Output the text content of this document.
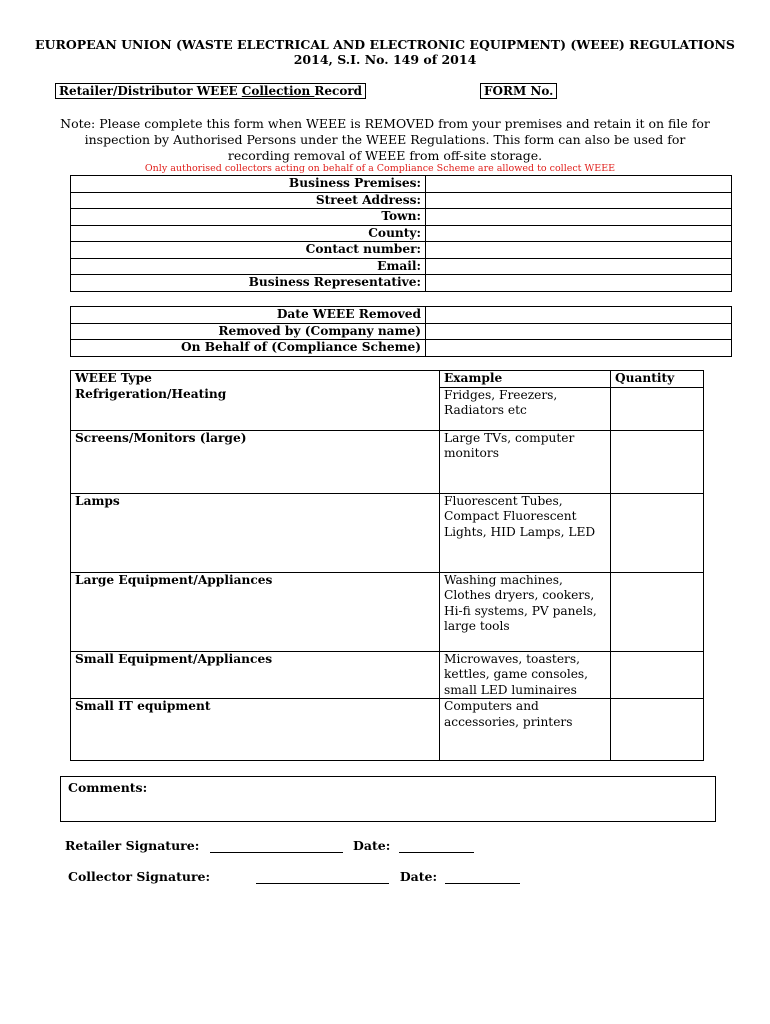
EUROPEAN UNION (WASTE ELECTRICAL AND ELECTRONIC EQUIPMENT) (WEEE) REGULATIONS
2014, S.I. No. 149 of 2014
Retailer/Distributor WEEE Collection Record	FORM No.
Note: Please complete this form when WEEE is REMOVED from your premises and retain it on file for
inspection by Authorised Persons under the WEEE Regulations. This form can also be used for
recording removal of WEEE from off-site storage.
Only authorised collectors acting on behalf of a Compliance Scheme are allowed to collect WEEE
Business Premises:	
Street Address:	
Town:	
County:	
Contact number:	
Email:	
Business Representative:	
Date WEEE Removed	
Removed by (Company name)	
On Behalf of (Compliance Scheme)	
WEEE Type	Example	Quantity
Refrigeration/Heating	Fridges, Freezers,
Radiators etc	

Screens/Monitors (large)	Large TVs, computer
monitors	

Lamps	Fluorescent Tubes,
Compact Fluorescent
Lights, HID Lamps, LED	

Large Equipment/Appliances	Washing machines,
Clothes dryers, cookers,
Hi-fi systems, PV panels,
large tools	

Small Equipment/Appliances	Microwaves, toasters,
kettles, game consoles,
small LED luminaires	

Small IT equipment	Computers and
accessories, printers	

Comments:
Retailer Signature:	Date:
Collector Signature:	Date:
